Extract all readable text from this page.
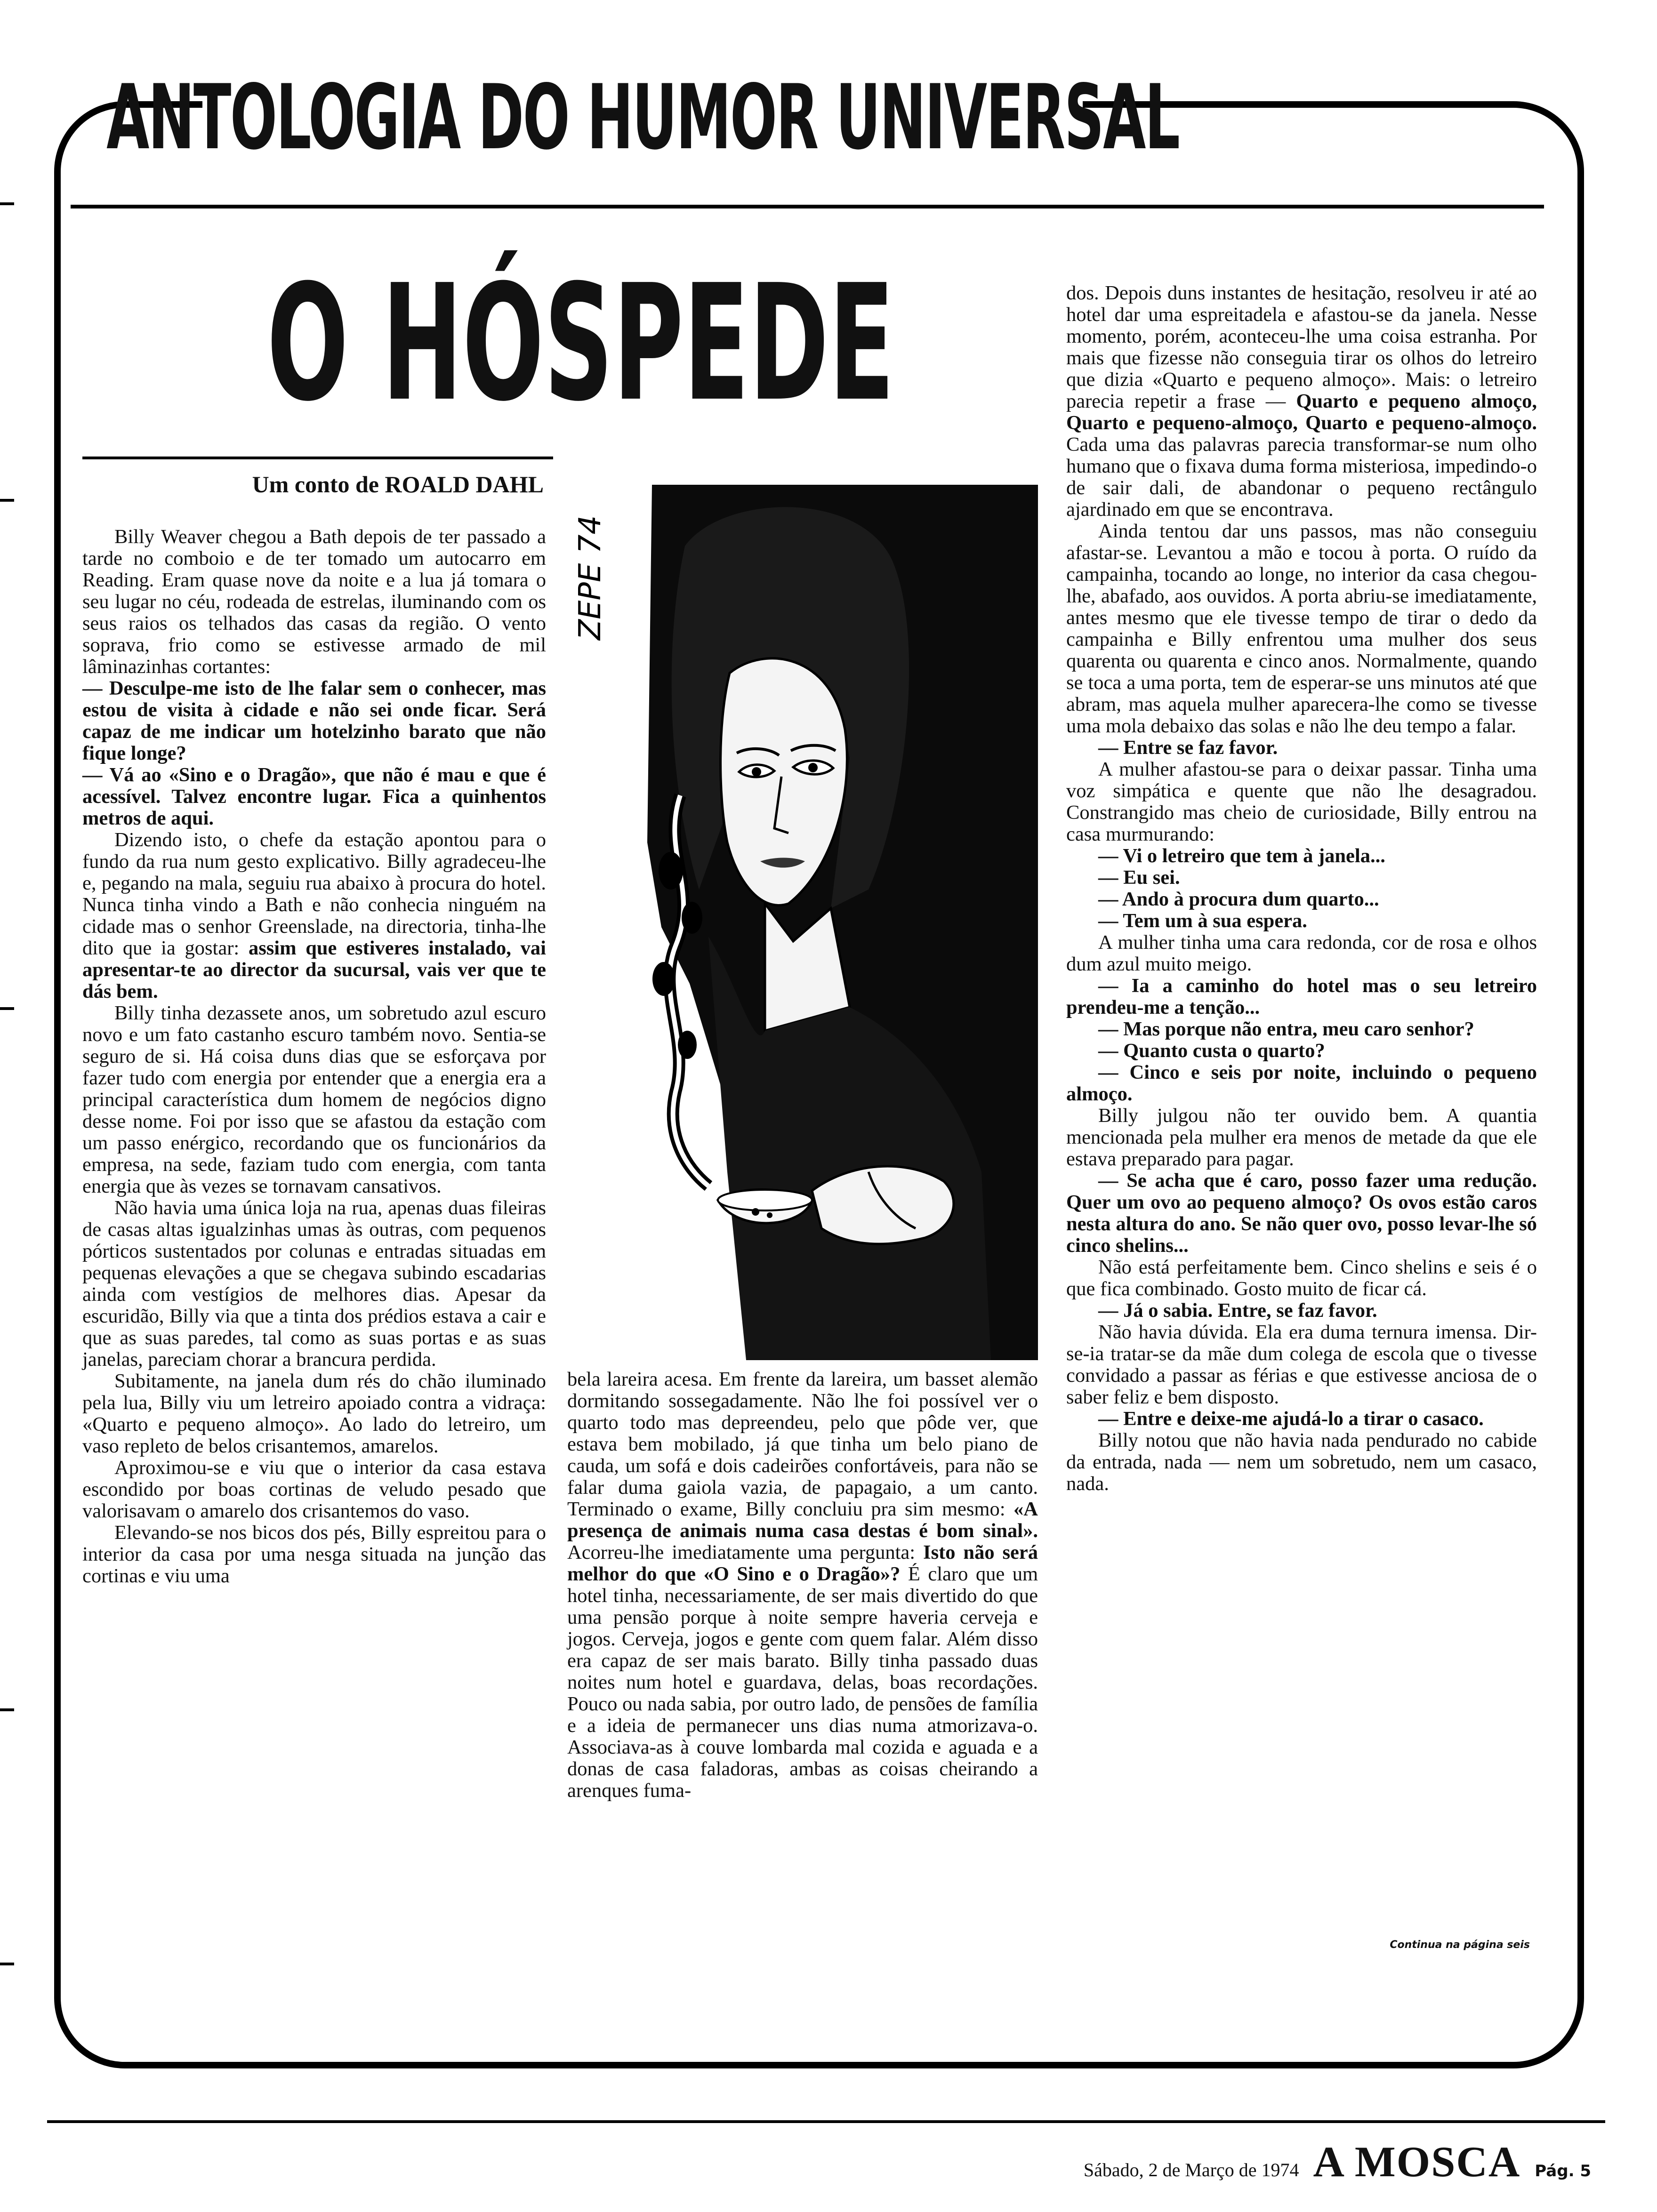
ANTOLOGIA DO HUMOR UNIVERSAL
O HÓSPEDE
Um conto de ROALD DAHL

Billy Weaver chegou a Bath depois de ter passado a tarde no comboio e de ter tomado um autocarro em Reading. Eram quase nove da noite e a lua já tomara o seu lugar no céu, rodeada de estrelas, iluminando com os seus raios os telhados das casas da região. O vento soprava, frio como se estivesse armado de mil lâminazinhas cortantes:

— Desculpe-me isto de lhe falar sem o conhecer, mas estou de visita à cidade e não sei onde ficar. Será capaz de me indicar um hotelzinho barato que não fique longe?

— Vá ao «Sino e o Dragão», que não é mau e que é acessível. Talvez encontre lugar. Fica a quinhentos metros de aqui.

Dizendo isto, o chefe da estação apontou para o fundo da rua num gesto explicativo. Billy agradeceu-lhe e, pegando na mala, seguiu rua abaixo à procura do hotel. Nunca tinha vindo a Bath e não conhecia ninguém na cidade mas o senhor Greenslade, na directoria, tinha-lhe dito que ia gostar: assim que estiveres instalado, vai apresentar-te ao director da sucursal, vais ver que te dás bem.

Billy tinha dezassete anos, um sobretudo azul escuro novo e um fato castanho escuro também novo. Sentia-se seguro de si. Há coisa duns dias que se esforçava por fazer tudo com energia por entender que a energia era a principal característica dum homem de negócios digno desse nome. Foi por isso que se afastou da estação com um passo enérgico, recordando que os funcionários da empresa, na sede, faziam tudo com energia, com tanta energia que às vezes se tornavam cansativos.

Não havia uma única loja na rua, apenas duas fileiras de casas altas igualzinhas umas às outras, com pequenos pórticos sustentados por colunas e entradas situadas em pequenas elevações a que se chegava subindo escadarias ainda com vestígios de melhores dias. Apesar da escuridão, Billy via que a tinta dos prédios estava a cair e que as suas paredes, tal como as suas portas e as suas janelas, pareciam chorar a brancura perdida.

Subitamente, na janela dum rés do chão iluminado pela lua, Billy viu um letreiro apoiado contra a vidraça: «Quarto e pequeno almoço». Ao lado do letreiro, um vaso repleto de belos crisantemos, amarelos.

Aproximou-se e viu que o interior da casa estava escondido por boas cortinas de veludo pesado que valorisavam o amarelo dos crisantemos do vaso.

Elevando-se nos bicos dos pés, Billy espreitou para o interior da casa por uma nesga situada na junção das cortinas e viu uma

ZEPE 74

bela lareira acesa. Em frente da lareira, um basset alemão dormitando sossegadamente. Não lhe foi possível ver o quarto todo mas depreendeu, pelo que pôde ver, que estava bem mobilado, já que tinha um belo piano de cauda, um sofá e dois cadeirões confortáveis, para não se falar duma gaiola vazia, de papagaio, a um canto. Terminado o exame, Billy concluiu pra sim mesmo: «A presença de animais numa casa destas é bom sinal». Acorreu-lhe imediatamente uma pergunta: Isto não será melhor do que «O Sino e o Dragão»? É claro que um hotel tinha, necessariamente, de ser mais divertido do que uma pensão porque à noite sempre haveria cerveja e jogos. Cerveja, jogos e gente com quem falar. Além disso era capaz de ser mais barato. Billy tinha passado duas noites num hotel e guardava, delas, boas recordações. Pouco ou nada sabia, por outro lado, de pensões de família e a ideia de permanecer uns dias numa atmorizava-o. Associava-as à couve lombarda mal cozida e aguada e a donas de casa faladoras, ambas as coisas cheirando a arenques fuma-

dos. Depois duns instantes de hesitação, resolveu ir até ao hotel dar uma espreitadela e afastou-se da janela. Nesse momento, porém, aconteceu-lhe uma coisa estranha. Por mais que fizesse não conseguia tirar os olhos do letreiro que dizia «Quarto e pequeno almoço». Mais: o letreiro parecia repetir a frase — Quarto e pequeno almoço, Quarto e pequeno-almoço, Quarto e pequeno-almoço. Cada uma das palavras parecia transformar-se num olho humano que o fixava duma forma misteriosa, impedindo-o de sair dali, de abandonar o pequeno rectângulo ajardinado em que se encontrava.

Ainda tentou dar uns passos, mas não conseguiu afastar-se. Levantou a mão e tocou à porta. O ruído da campainha, tocando ao longe, no interior da casa chegou-lhe, abafado, aos ouvidos. A porta abriu-se imediatamente, antes mesmo que ele tivesse tempo de tirar o dedo da campainha e Billy enfrentou uma mulher dos seus quarenta ou quarenta e cinco anos. Normalmente, quando se toca a uma porta, tem de esperar-se uns minutos até que abram, mas aquela mulher aparecera-lhe como se tivesse uma mola debaixo das solas e não lhe deu tempo a falar.

— Entre se faz favor.

A mulher afastou-se para o deixar passar. Tinha uma voz simpática e quente que não lhe desagradou. Constrangido mas cheio de curiosidade, Billy entrou na casa murmurando:

— Vi o letreiro que tem à janela...

— Eu sei.

— Ando à procura dum quarto...

— Tem um à sua espera.

A mulher tinha uma cara redonda, cor de rosa e olhos dum azul muito meigo.

— Ia a caminho do hotel mas o seu letreiro prendeu-me a tenção...

— Mas porque não entra, meu caro senhor?

— Quanto custa o quarto?

— Cinco e seis por noite, incluindo o pequeno almoço.

Billy julgou não ter ouvido bem. A quantia mencionada pela mulher era menos de metade da que ele estava preparado para pagar.

— Se acha que é caro, posso fazer uma redução. Quer um ovo ao pequeno almoço? Os ovos estão caros nesta altura do ano. Se não quer ovo, posso levar-lhe só cinco shelins...

Não está perfeitamente bem. Cinco shelins e seis é o que fica combinado. Gosto muito de ficar cá.

— Já o sabia. Entre, se faz favor.

Não havia dúvida. Ela era duma ternura imensa. Dir-se-ia tratar-se da mãe dum colega de escola que o tivesse convidado a passar as férias e que estivesse anciosa de o saber feliz e bem disposto.

— Entre e deixe-me ajudá-lo a tirar o casaco.

Billy notou que não havia nada pendurado no cabide da entrada, nada — nem um sobretudo, nem um casaco, nada.

Continua na página seis
Sábado, 2 de Março de 1974 A MOSCA Pág. 5
